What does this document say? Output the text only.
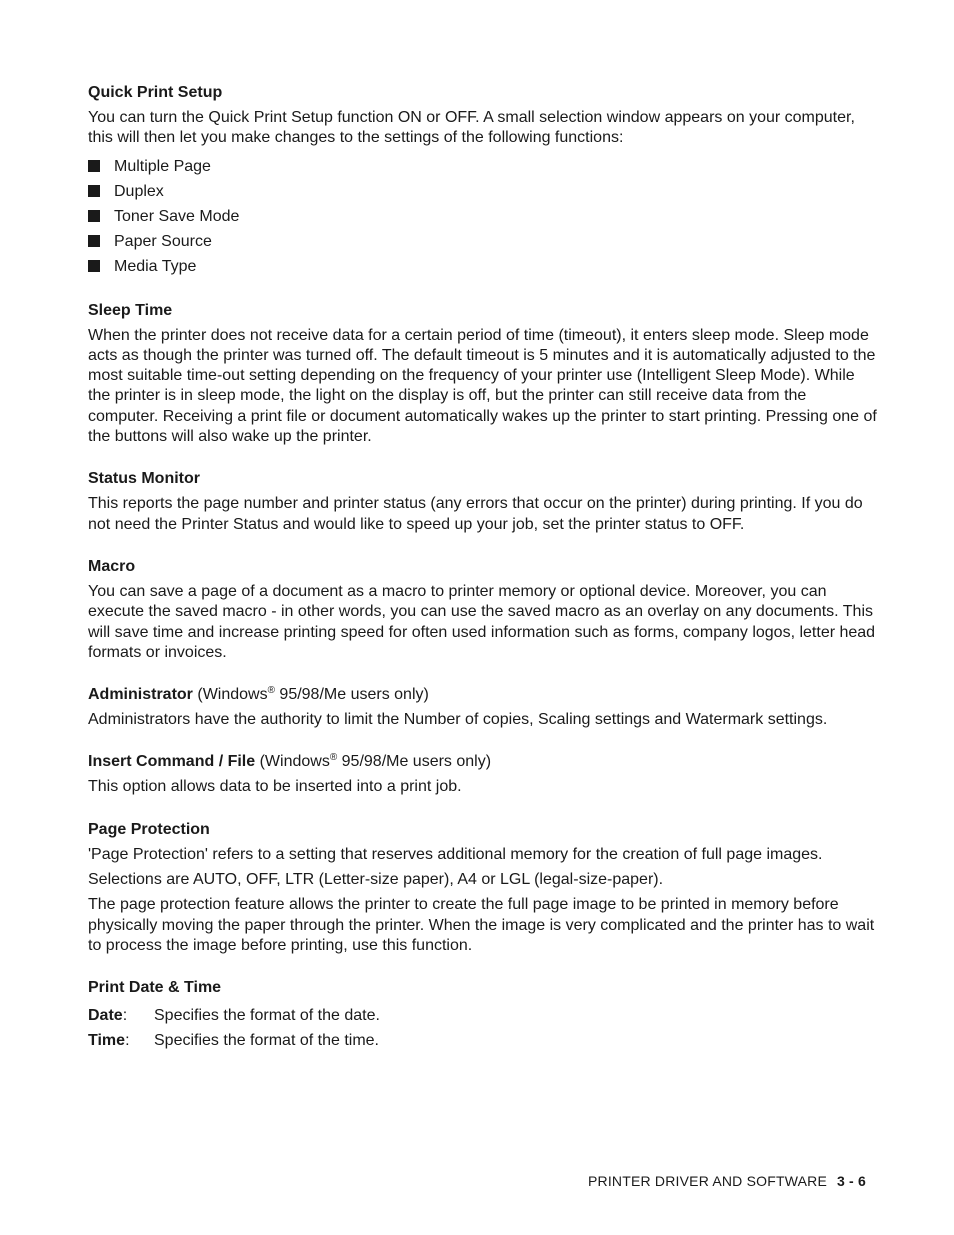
Quick Print Setup

You can turn the Quick Print Setup function ON or OFF. A small selection window appears on your computer, this will then let you make changes to the settings of the following functions:

Multiple Page
Duplex
Toner Save Mode
Paper Source
Media Type
Sleep Time

When the printer does not receive data for a certain period of time (timeout), it enters sleep mode. Sleep mode acts as though the printer was turned off. The default timeout is 5 minutes and it is automatically adjusted to the most suitable time-out setting depending on the frequency of your printer use (Intelligent Sleep Mode). While the printer is in sleep mode, the light on the display is off, but the printer can still receive data from the computer. Receiving a print file or document automatically wakes up the printer to start printing. Pressing one of the buttons will also wake up the printer.

Status Monitor

This reports the page number and printer status (any errors that occur on the printer) during printing. If you do not need the Printer Status and would like to speed up your job, set the printer status to OFF.

Macro

You can save a page of a document as a macro to printer memory or optional device. Moreover, you can execute the saved macro - in other words, you can use the saved macro as an overlay on any documents. This will save time and increase printing speed for often used information such as forms, company logos, letter head formats or invoices.

Administrator (Windows® 95/98/Me users only)

Administrators have the authority to limit the Number of copies, Scaling settings and Watermark settings.

Insert Command / File (Windows® 95/98/Me users only)

This option allows data to be inserted into a print job.

Page Protection

'Page Protection' refers to a setting that reserves additional memory for the creation of full page images.

Selections are AUTO, OFF, LTR (Letter-size paper), A4 or LGL (legal-size-paper).

The page protection feature allows the printer to create the full page image to be printed in memory before physically moving the paper through the printer. When the image is very complicated and the printer has to wait to process the image before printing, use this function.

Print Date & Time
Date:	Specifies the format of the date.
Time:	Specifies the format of the time.
PRINTER DRIVER AND SOFTWARE 3 - 6
